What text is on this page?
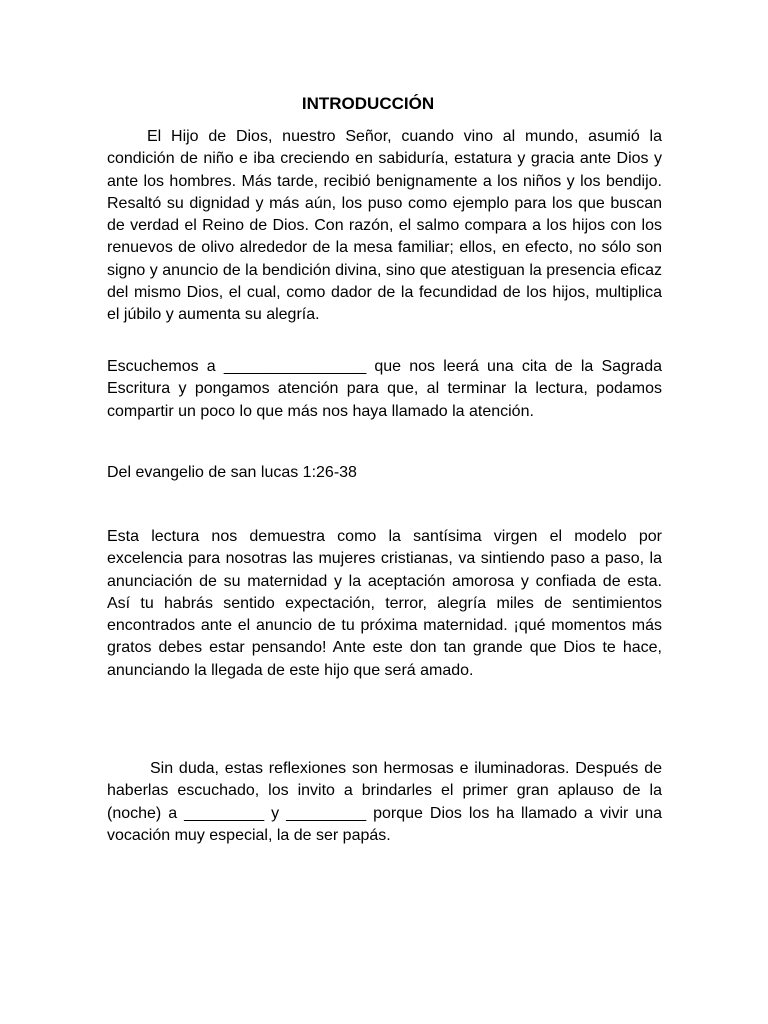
INTRODUCCIÓN

El Hijo de Dios, nuestro Señor, cuando vino al mundo, asumió la condición de niño e iba creciendo en sabiduría, estatura y gracia ante Dios y ante los hombres. Más tarde, recibió benignamente a los niños y los bendijo. Resaltó su dignidad y más aún, los puso como ejemplo para los que buscan de verdad el Reino de Dios. Con razón, el salmo compara a los hijos con los renuevos de olivo alrededor de la mesa familiar; ellos, en efecto, no sólo son signo y anuncio de la bendición divina, sino que atestiguan la presencia eficaz del mismo Dios, el cual, como dador de la fecundidad de los hijos, multiplica el júbilo y aumenta su alegría.

Escuchemos a ________________ que nos leerá una cita de la Sagrada Escritura y pongamos atención para que, al terminar la lectura, podamos compartir un poco lo que más nos haya llamado la atención.

Del evangelio de san lucas 1:26-38

Esta lectura nos demuestra como la santísima virgen el modelo por excelencia para nosotras las mujeres cristianas, va sintiendo paso a paso, la anunciación de su maternidad y la aceptación amorosa y confiada de esta. Así tu habrás sentido expectación, terror, alegría miles de sentimientos encontrados ante el anuncio de tu próxima maternidad. ¡qué momentos más gratos debes estar pensando! Ante este don tan grande que Dios te hace, anunciando la llegada de este hijo que será amado.

Sin duda, estas reflexiones son hermosas e iluminadoras. Después de haberlas escuchado, los invito a brindarles el primer gran aplauso de la (noche) a _________ y _________ porque Dios los ha llamado a vivir una vocación muy especial, la de ser papás.
